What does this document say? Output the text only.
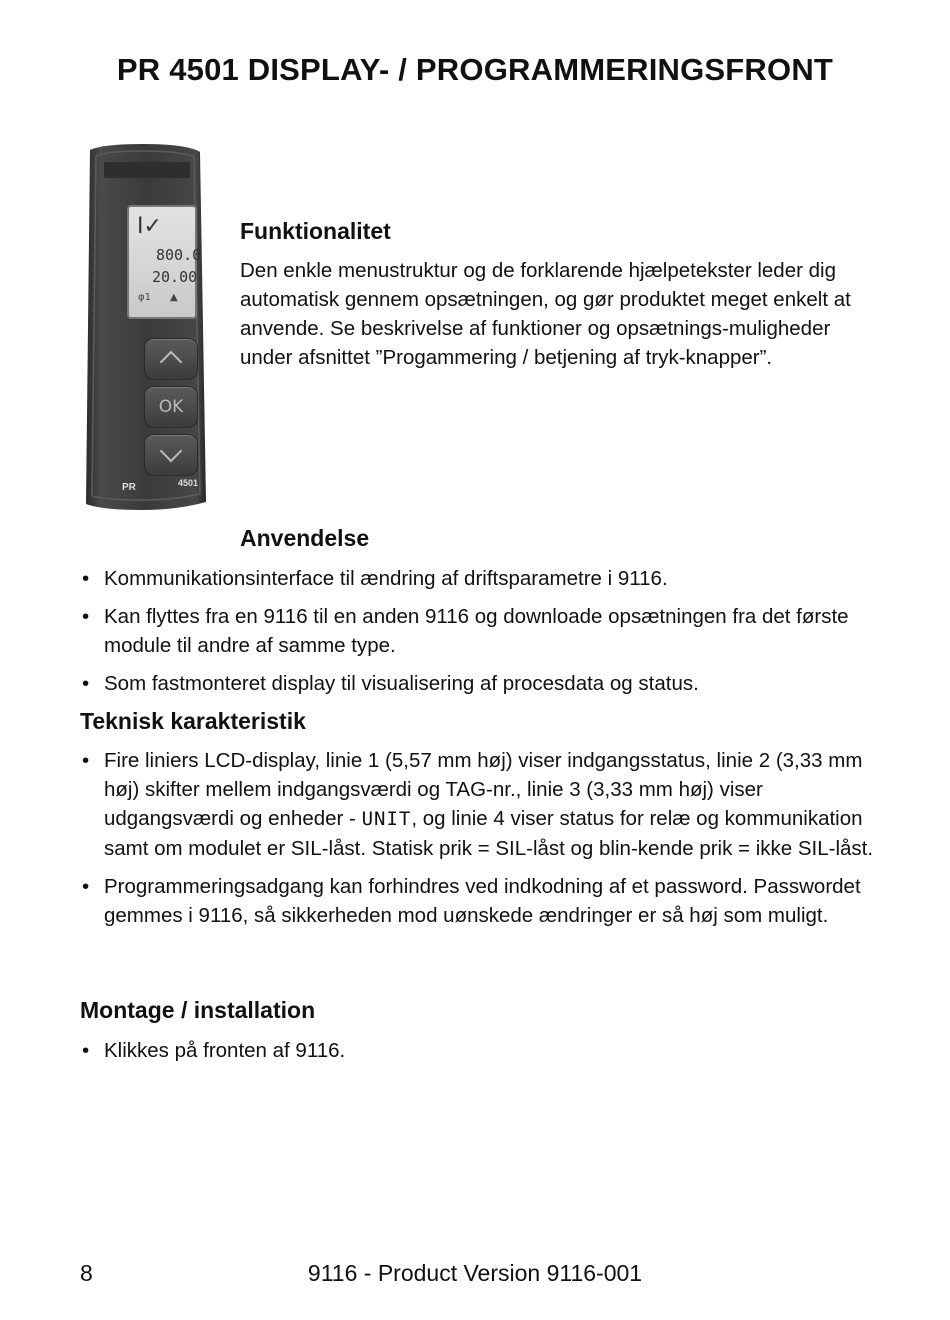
PR 4501 DISPLAY- / PROGRAMMERINGSFRONT
I✓
800.0
20.00
φ1      ▲
OK
PR	4501
Funktionalitet

Den enkle menustruktur og de forklarende hjælpetekster leder dig automatisk gennem opsætningen, og gør produktet meget enkelt at anvende. Se beskrivelse af funktioner og opsætnings-muligheder under afsnittet ”Progammering / betjening af tryk-knapper”.

Anvendelse
• Kommunikationsinterface til ændring af driftsparametre i 9116.
• Kan flyttes fra en 9116 til en anden 9116 og downloade opsætningen fra det første module til andre af samme type.
• Som fastmonteret display til visualisering af procesdata og status.
Teknisk karakteristik
• Fire liniers LCD-display, linie 1 (5,57 mm høj) viser indgangsstatus, linie 2 (3,33 mm høj) skifter mellem indgangsværdi og TAG-nr., linie 3 (3,33 mm høj) viser udgangsværdi og enheder - UNIT, og linie 4 viser status for relæ og kommunikation samt om modulet er SIL-låst. Statisk prik = SIL-låst og blin-kende prik = ikke SIL-låst.
• Programmeringsadgang kan forhindres ved indkodning af et password. Passwordet gemmes i 9116, så sikkerheden mod uønskede ændringer er så høj som muligt.
Montage / installation
• Klikkes på fronten af 9116.
9116 - Product Version 9116-001
8
